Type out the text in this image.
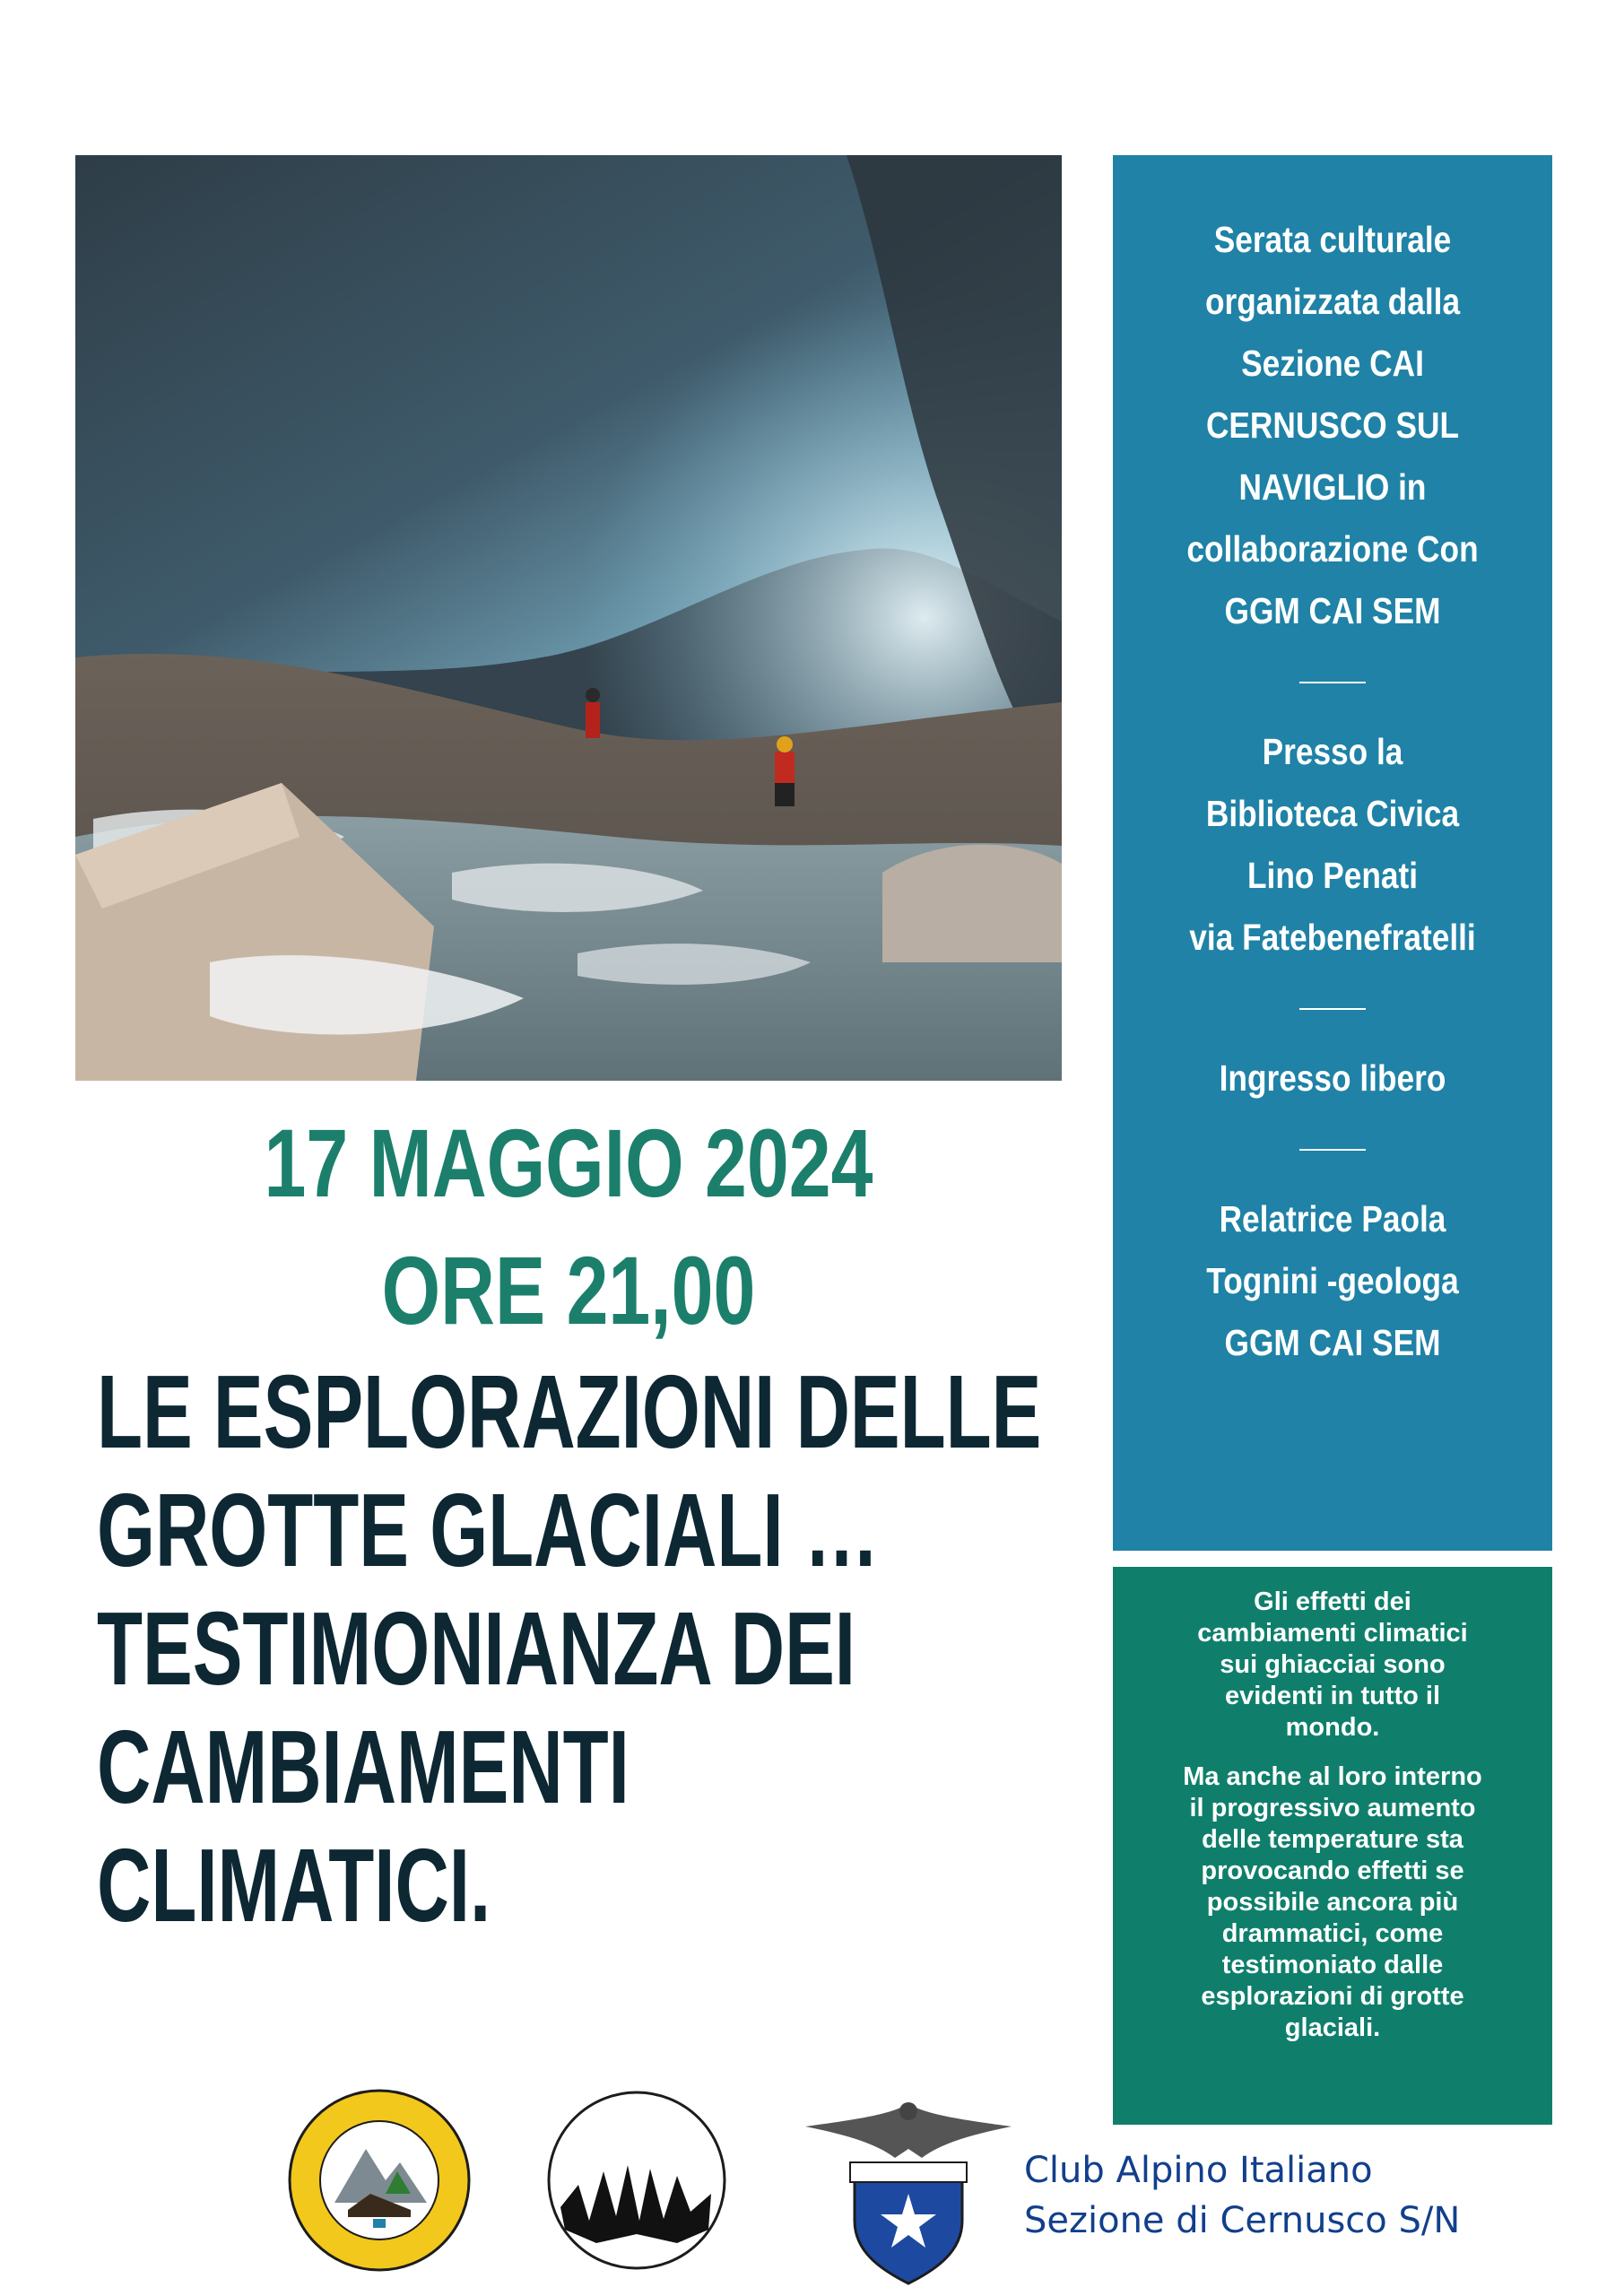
Serata culturale
organizzata dalla
Sezione CAI
CERNUSCO SUL
NAVIGLIO in
collaborazione Con
GGM CAI SEM
Presso la
Biblioteca Civica
Lino Penati
via Fatebenefratelli
Ingresso libero
Relatrice Paola
Tognini -geologa
GGM CAI SEM
Gli effetti dei
cambiamenti climatici
sui ghiacciai sono
evidenti in tutto il
mondo.
Ma anche al loro interno
il progressivo aumento
delle temperature sta
provocando effetti se
possibile ancora più
drammatici, come
testimoniato dalle
esplorazioni di grotte
glaciali.
17 MAGGIO 2024
ORE 21,00
LE ESPLORAZIONI DELLE
GROTTE GLACIALI …
TESTIMONIANZA DEI
CAMBIAMENTI
CLIMATICI.
Club Alpino Italiano
Sezione di Cernusco S/N
